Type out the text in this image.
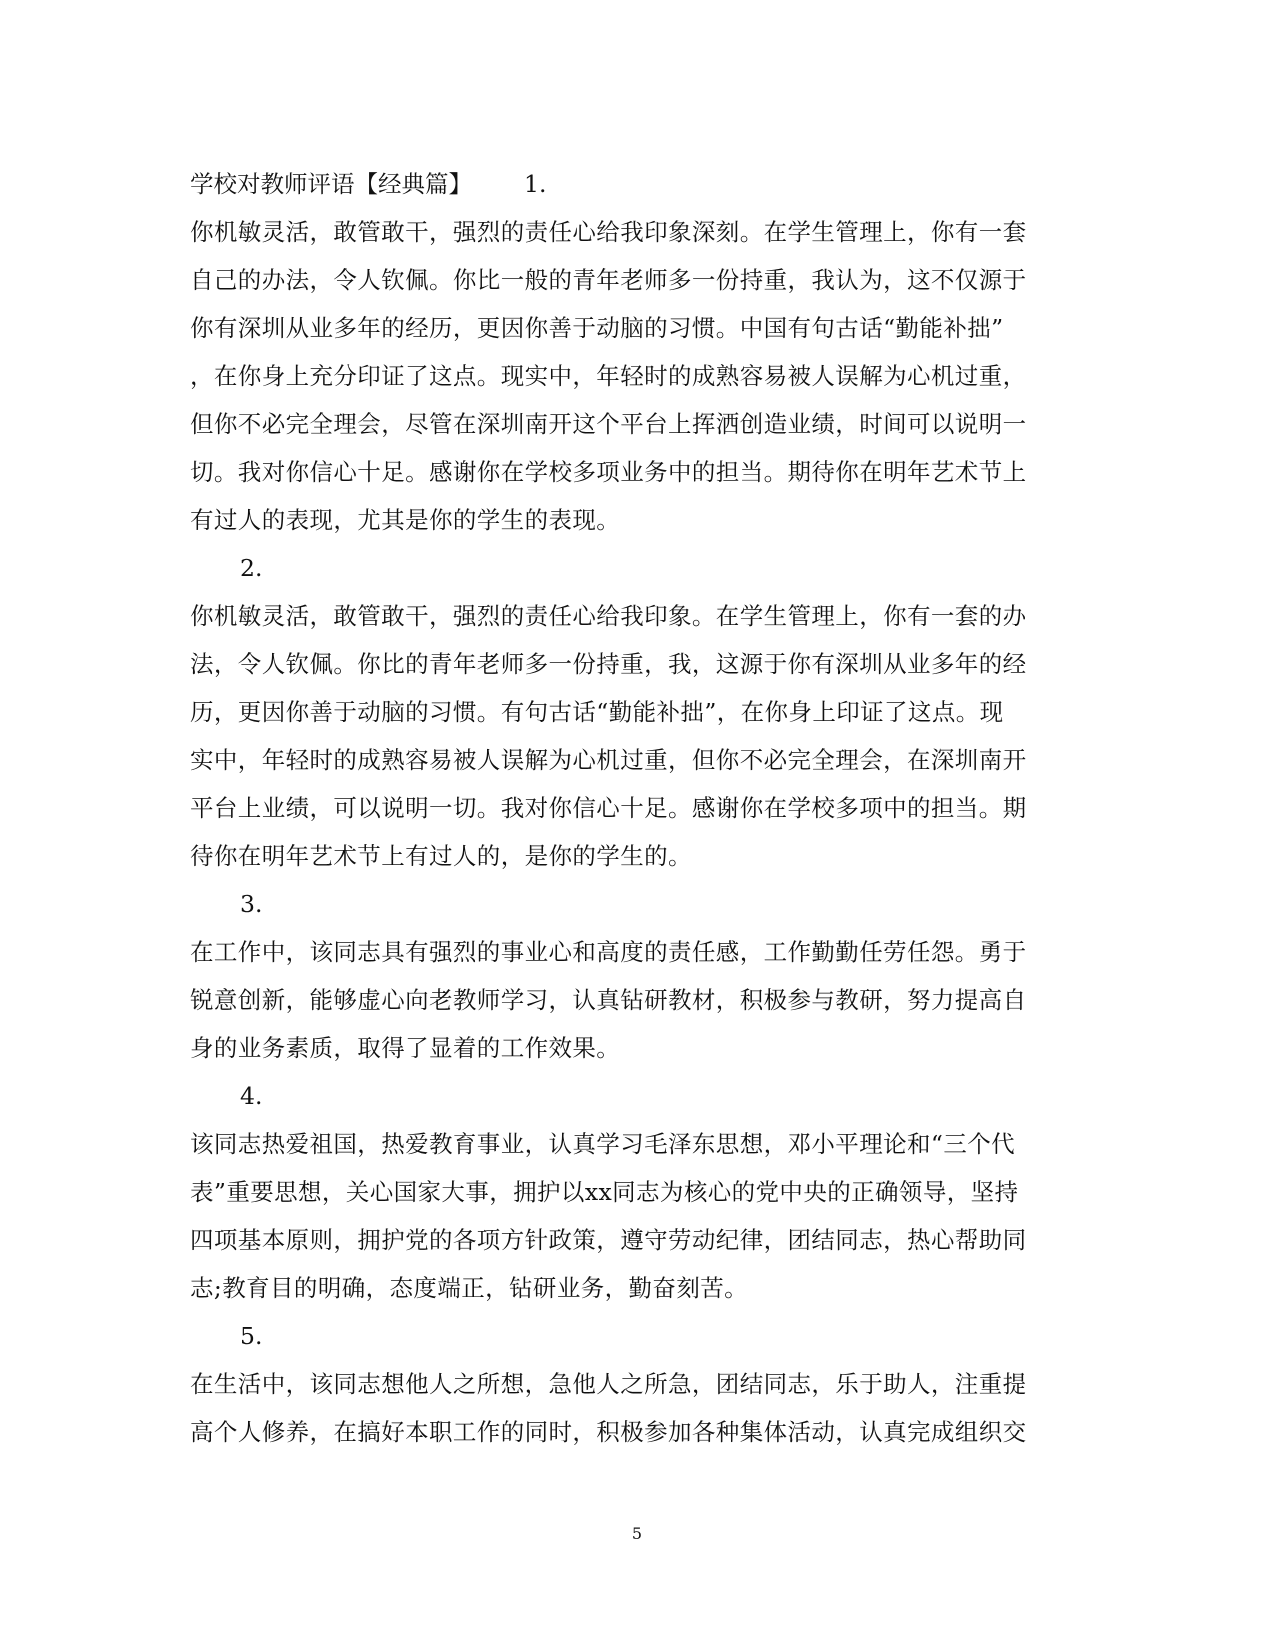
学校对教师评语【经典篇】 1.
你机敏灵活，敢管敢干，强烈的责任心给我印象深刻。在学生管理上，你有一套
自己的办法，令人钦佩。你比一般的青年老师多一份持重，我认为，这不仅源于
你有深圳从业多年的经历，更因你善于动脑的习惯。中国有句古话“勤能补拙”
，在你身上充分印证了这点。现实中，年轻时的成熟容易被人误解为心机过重，
但你不必完全理会，尽管在深圳南开这个平台上挥洒创造业绩，时间可以说明一
切。我对你信心十足。感谢你在学校多项业务中的担当。期待你在明年艺术节上
有过人的表现，尤其是你的学生的表现。
2.
你机敏灵活，敢管敢干，强烈的责任心给我印象。在学生管理上，你有一套的办
法，令人钦佩。你比的青年老师多一份持重，我，这源于你有深圳从业多年的经
历，更因你善于动脑的习惯。有句古话“勤能补拙”，在你身上印证了这点。现
实中，年轻时的成熟容易被人误解为心机过重，但你不必完全理会，在深圳南开
平台上业绩，可以说明一切。我对你信心十足。感谢你在学校多项中的担当。期
待你在明年艺术节上有过人的，是你的学生的。
3.
在工作中，该同志具有强烈的事业心和高度的责任感，工作勤勤任劳任怨。勇于
锐意创新，能够虚心向老教师学习，认真钻研教材，积极参与教研，努力提高自
身的业务素质，取得了显着的工作效果。
4.
该同志热爱祖国，热爱教育事业，认真学习毛泽东思想，邓小平理论和“三个代
表”重要思想，关心国家大事，拥护以xx同志为核心的党中央的正确领导，坚持
四项基本原则，拥护党的各项方针政策，遵守劳动纪律，团结同志，热心帮助同
志;教育目的明确，态度端正，钻研业务，勤奋刻苦。
5.
在生活中，该同志想他人之所想，急他人之所急，团结同志，乐于助人，注重提
高个人修养，在搞好本职工作的同时，积极参加各种集体活动，认真完成组织交
5
